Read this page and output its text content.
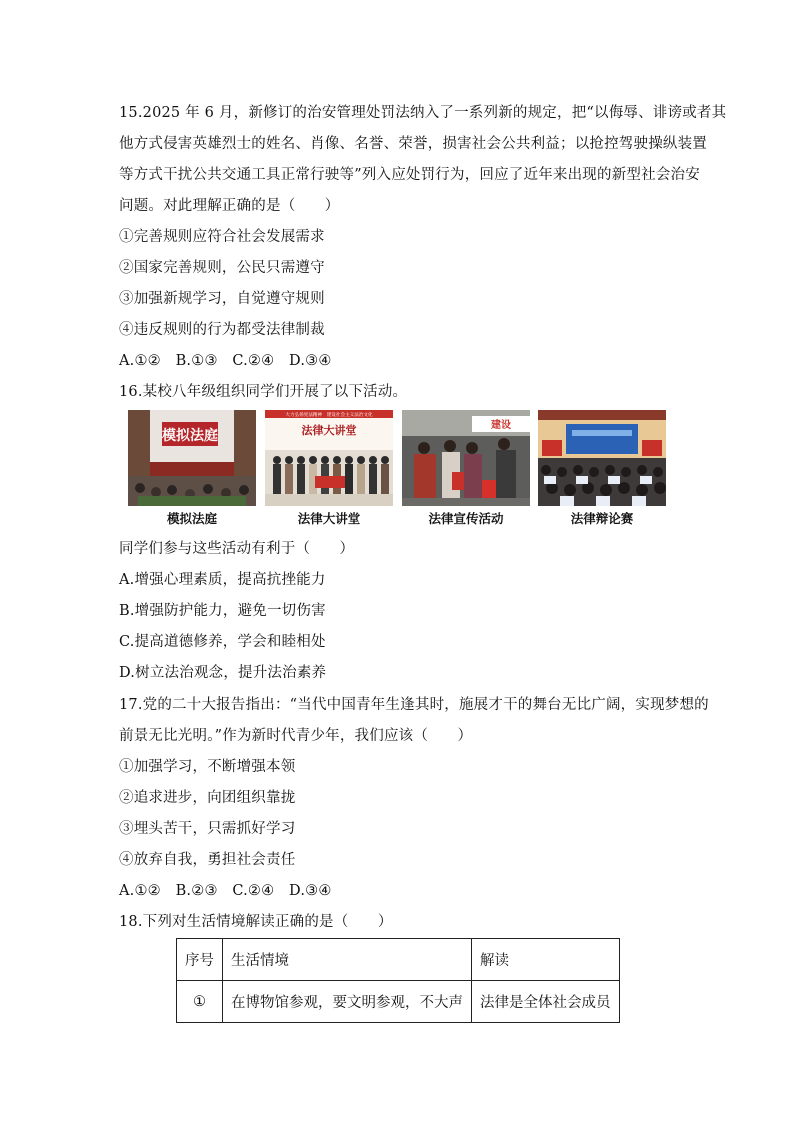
15.2025 年 6 月，新修订的治安管理处罚法纳入了一系列新的规定，把“以侮辱、诽谤或者其
他方式侵害英雄烈士的姓名、肖像、名誉、荣誉，损害社会公共利益；以抢控驾驶操纵装置
等方式干扰公共交通工具正常行驶等”列入应处罚行为，回应了近年来出现的新型社会治安
问题。对此理解正确的是（　　）
①完善规则应符合社会发展需求
②国家完善规则，公民只需遵守
③加强新规学习，自觉遵守规则
④违反规则的行为都受法律制裁
A.①②　B.①③　C.②④　D.③④
16.某校八年级组织同学们开展了以下活动。
模拟法庭
模拟法庭
大力弘扬宪法精神　建设社会主义法治文化
法律大讲堂
法律大讲堂
建设
法律宣传活动	法律辩论赛
同学们参与这些活动有利于（　　）
A.增强心理素质，提高抗挫能力
B.增强防护能力，避免一切伤害
C.提高道德修养，学会和睦相处
D.树立法治观念，提升法治素养
17.党的二十大报告指出：“当代中国青年生逢其时，施展才干的舞台无比广阔，实现梦想的
前景无比光明。”作为新时代青少年，我们应该（　　）
①加强学习，不断增强本领
②追求进步，向团组织靠拢
③埋头苦干，只需抓好学习
④放弃自我，勇担社会责任
A.①②　B.②③　C.②④　D.③④
18.下列对生活情境解读正确的是（　　）
序号	生活情境	解读
①	在博物馆参观，要文明参观，不大声	法律是全体社会成员
